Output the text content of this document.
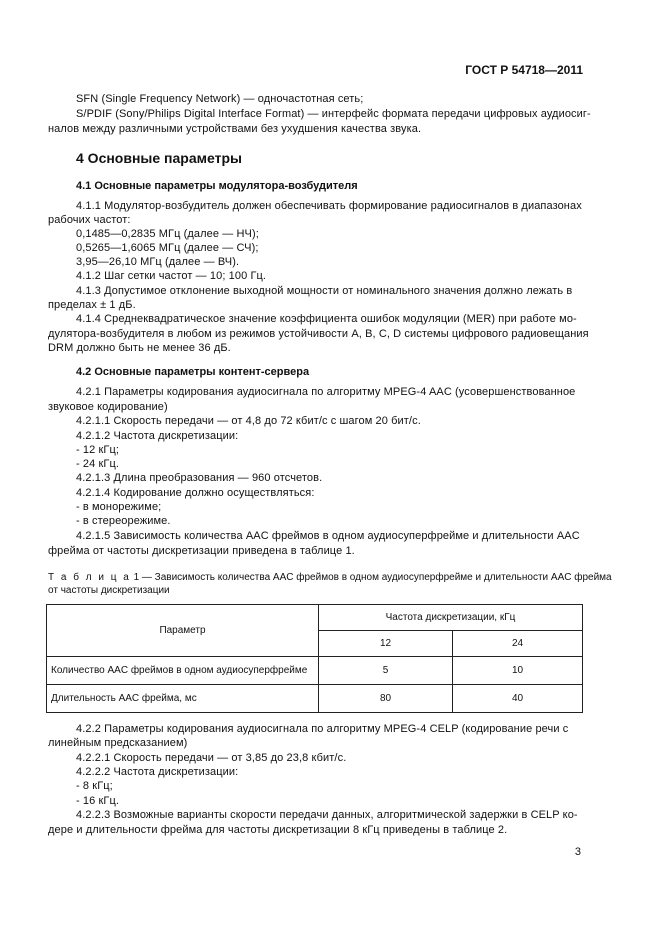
ГОСТ Р 54718—2011
SFN (Single Frequency Network) — одночастотная сеть;
S/PDIF (Sony/Philips Digital Interface Format) — интерфейс формата передачи цифровых аудиосиг-
налов между различными устройствами без ухудшения качества звука.
4 Основные параметры
4.1 Основные параметры модулятора-возбудителя
4.1.1 Модулятор-возбудитель должен обеспечивать формирование радиосигналов в диапазонах
рабочих частот:
0,1485—0,2835 МГц (далее — НЧ);
0,5265—1,6065 МГц (далее — СЧ);
3,95—26,10 МГц (далее — ВЧ).
4.1.2 Шаг сетки частот — 10; 100 Гц.
4.1.3 Допустимое отклонение выходной мощности от номинального значения должно лежать в
пределах ± 1 дБ.
4.1.4 Среднеквадратическое значение коэффициента ошибок модуляции (MER) при работе мо-
дулятора-возбудителя в любом из режимов устойчивости A, B, C, D системы цифрового радиовещания
DRM должно быть не менее 36 дБ.
4.2 Основные параметры контент-сервера
4.2.1 Параметры кодирования аудиосигнала по алгоритму MPEG-4 AAC (усовершенствованное
звуковое кодирование)
4.2.1.1 Скорость передачи — от 4,8 до 72 кбит/с с шагом 20 бит/с.
4.2.1.2 Частота дискретизации:
- 12 кГц;
- 24 кГц.
4.2.1.3 Длина преобразования — 960 отсчетов.
4.2.1.4 Кодирование должно осуществляться:
- в монорежиме;
- в стереорежиме.
4.2.1.5 Зависимость количества AAC фреймов в одном аудиосуперфрейме и длительности AAC
фрейма от частоты дискретизации приведена в таблице 1.
Т а б л и ц а 1 — Зависимость количества AAC фреймов в одном аудиосуперфрейме и длительности AAC фрейма
от частоты дискретизации
Параметр	Частота дискретизации, кГц	
	12	24
Количество AAC фреймов в одном аудиосуперфрейме	5	10
Длительность AAC фрейма, мс	80	40
4.2.2 Параметры кодирования аудиосигнала по алгоритму MPEG-4 CELP (кодирование речи с
линейным предсказанием)
4.2.2.1 Скорость передачи — от 3,85 до 23,8 кбит/с.
4.2.2.2 Частота дискретизации:
- 8 кГц;
- 16 кГц.
4.2.2.3 Возможные варианты скорости передачи данных, алгоритмической задержки в CELP ко-
дере и длительности фрейма для частоты дискретизации 8 кГц приведены в таблице 2.
3
